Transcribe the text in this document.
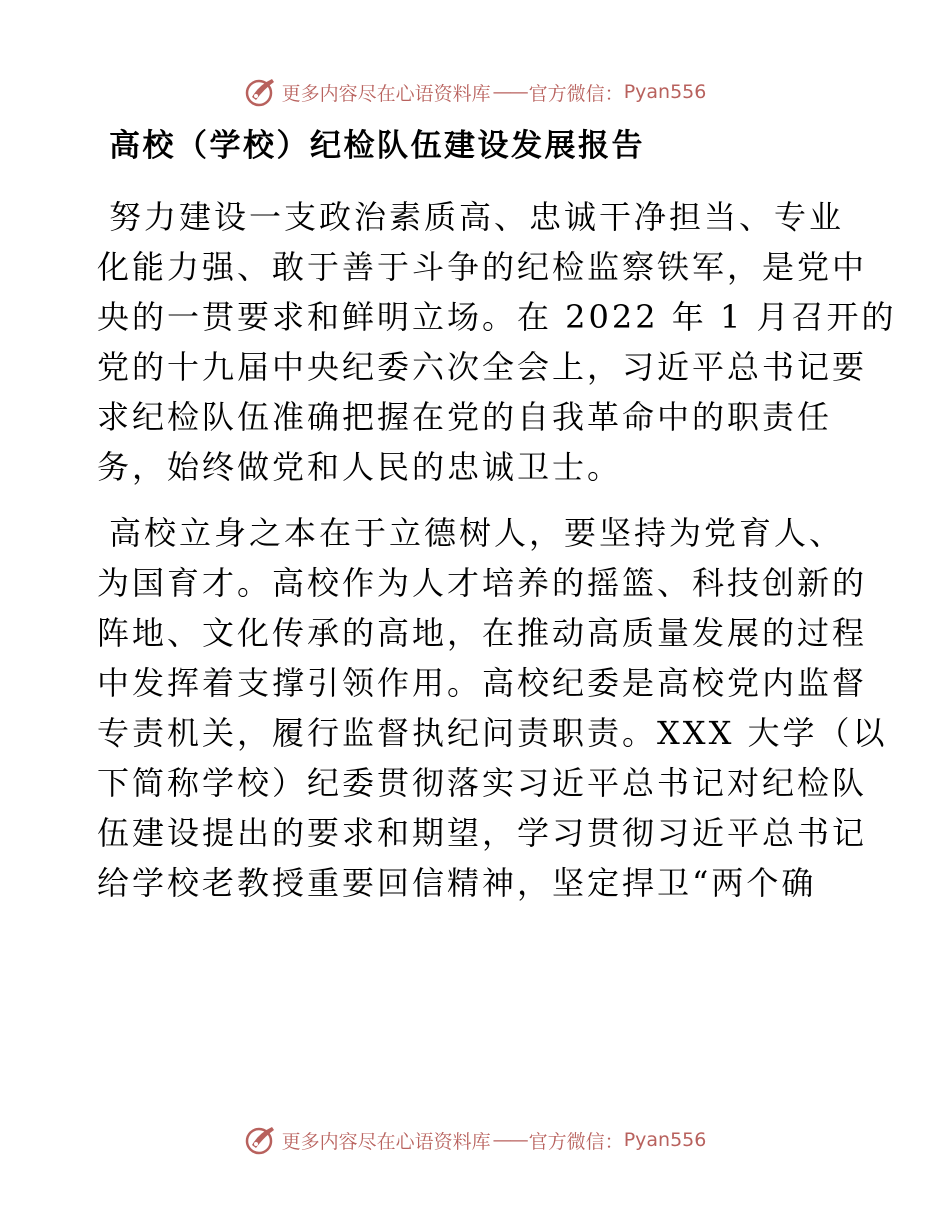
更多内容尽在心语资料库 —— 官方微信： Pyan556
高校（学校）纪检队伍建设发展报告

努力建设一支政治素质高、忠诚干净担当、专业
化能力强、敢于善于斗争的纪检监察铁军，是党中
央的一贯要求和鲜明立场。在 2022 年 1 月召开的
党的十九届中央纪委六次全会上，习近平总书记要
求纪检队伍准确把握在党的自我革命中的职责任
务，始终做党和人民的忠诚卫士。

高校立身之本在于立德树人，要坚持为党育人、
为国育才。高校作为人才培养的摇篮、科技创新的
阵地、文化传承的高地，在推动高质量发展的过程
中发挥着支撑引领作用。高校纪委是高校党内监督
专责机关，履行监督执纪问责职责。XXX 大学（以
下简称学校）纪委贯彻落实习近平总书记对纪检队
伍建设提出的要求和期望，学习贯彻习近平总书记
给学校老教授重要回信精神，坚定捍卫“两个确

更多内容尽在心语资料库 —— 官方微信： Pyan556
